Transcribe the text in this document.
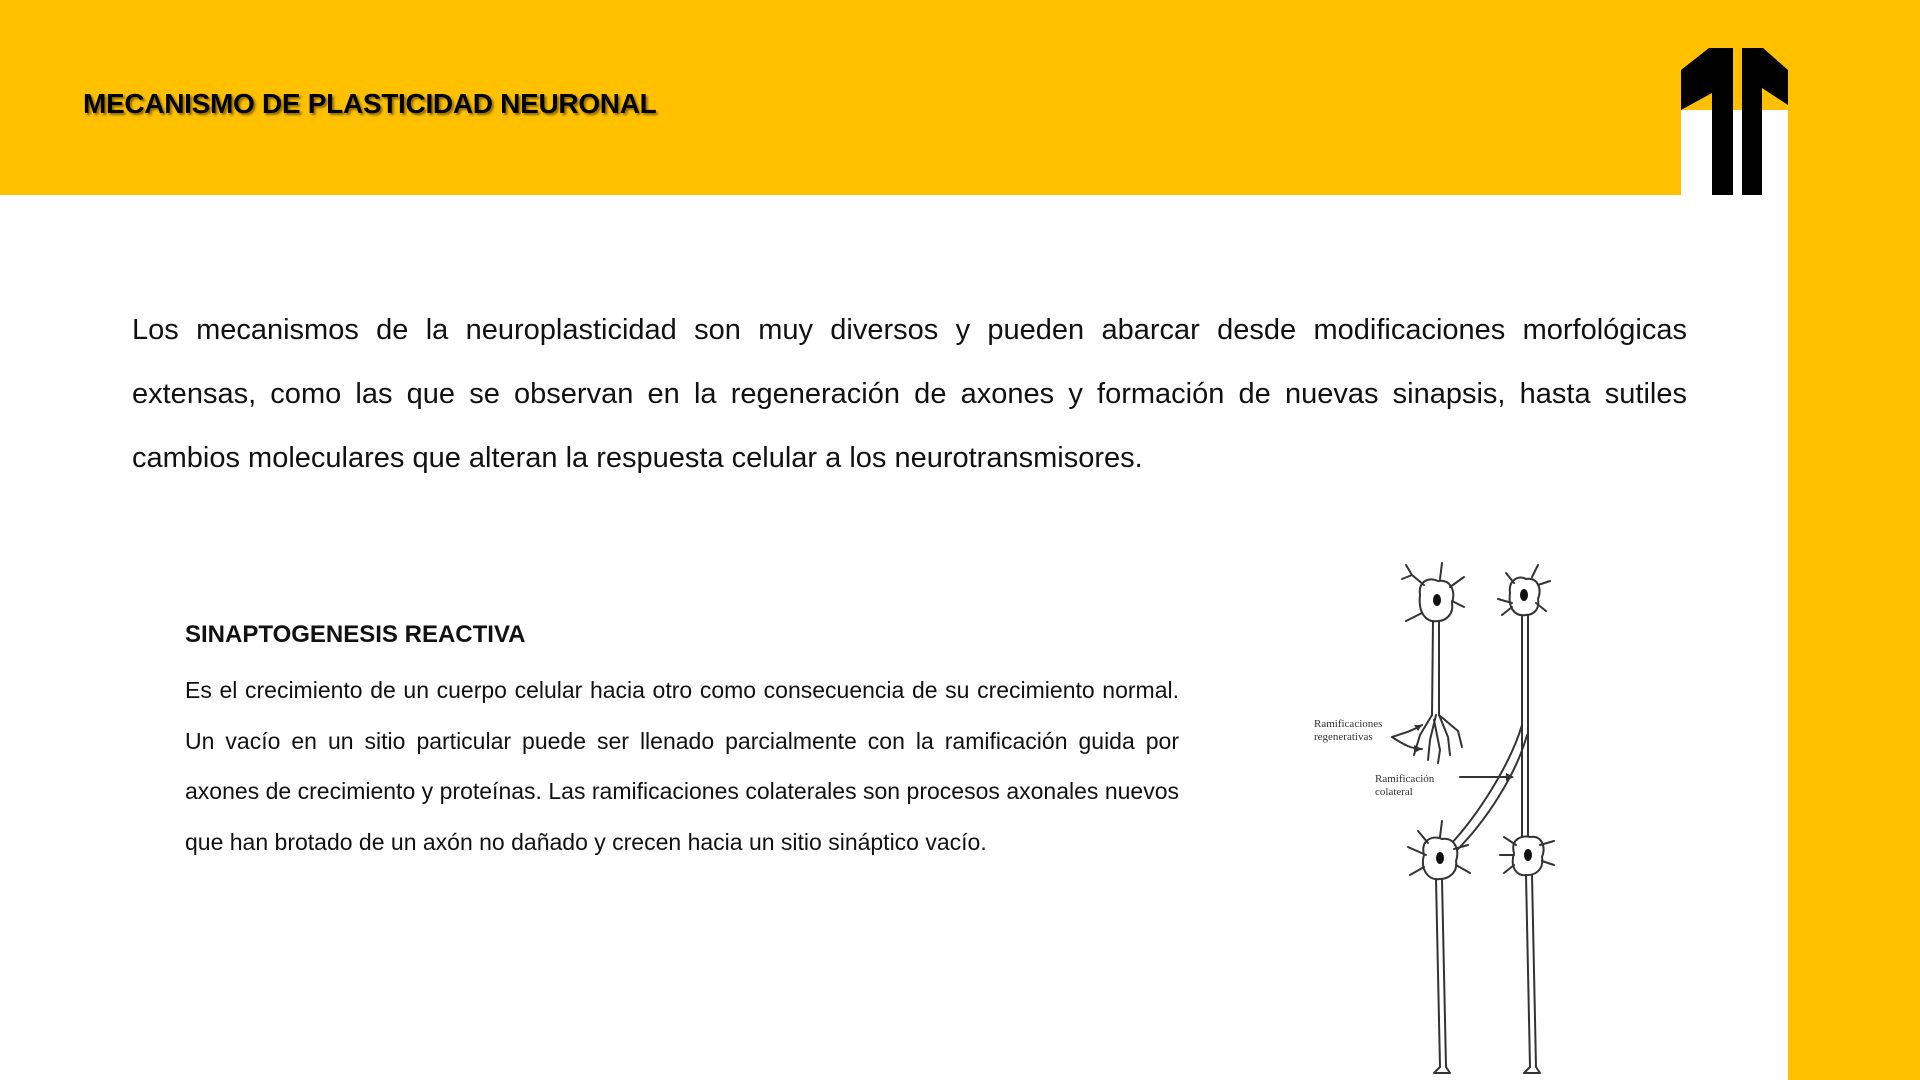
MECANISMO DE PLASTICIDAD NEURONAL

Los mecanismos de la neuroplasticidad son muy diversos y pueden abarcar desde modificaciones morfológicas extensas, como las que se observan en la regeneración de axones y formación de nuevas sinapsis, hasta sutiles cambios moleculares que alteran la respuesta celular a los neurotransmisores.

SINAPTOGENESIS REACTIVA

Es el crecimiento de un cuerpo celular hacia otro como consecuencia de su crecimiento normal. Un vacío en un sitio particular puede ser llenado parcialmente con la ramificación guida por axones de crecimiento y proteínas. Las ramificaciones colaterales son procesos axonales nuevos que han brotado de un axón no dañado y crecen hacia un sitio sináptico vacío.

Ramificaciones
regenerativas
Ramificación
colateral
